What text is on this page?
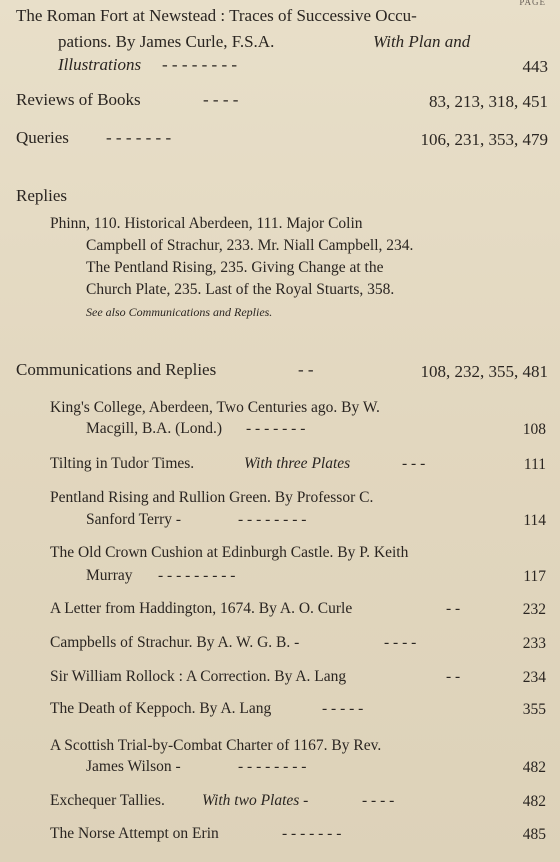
PAGE
The Roman Fort at Newstead : Traces of Successive Occu-
pations. By James Curle, F.S.A.	With Plan and
Illustrations - - - - - - - -	443
Reviews of Books	- - - -	83, 213, 318, 451
Queries - - - - - - -	106, 231, 353, 479
Replies
Phinn, 110. Historical Aberdeen, 111. Major Colin
Campbell of Strachur, 233. Mr. Niall Campbell, 234.
The Pentland Rising, 235. Giving Change at the
Church Plate, 235. Last of the Royal Stuarts, 358.
See also Communications and Replies.
Communications and Replies	- -	108, 232, 355, 481
King's College, Aberdeen, Two Centuries ago. By W.
Macgill, B.A. (Lond.) - - - - - - -	108
Tilting in Tudor Times.	With three Plates	- - -	111
Pentland Rising and Rullion Green. By Professor C.
Sanford Terry -	- - - - - - - -	114
The Old Crown Cushion at Edinburgh Castle. By P. Keith
Murray - - - - - - - - -	117
A Letter from Haddington, 1674. By A. O. Curle	- -	232
Campbells of Strachur. By A. W. G. B. -	- - - -	233
Sir William Rollock : A Correction. By A. Lang	- -	234
The Death of Keppoch. By A. Lang	- - - - -	355
A Scottish Trial-by-Combat Charter of 1167. By Rev.
James Wilson -	- - - - - - - -	482
Exchequer Tallies. With two Plates -	- - - -	482
The Norse Attempt on Erin	- - - - - - -	485
